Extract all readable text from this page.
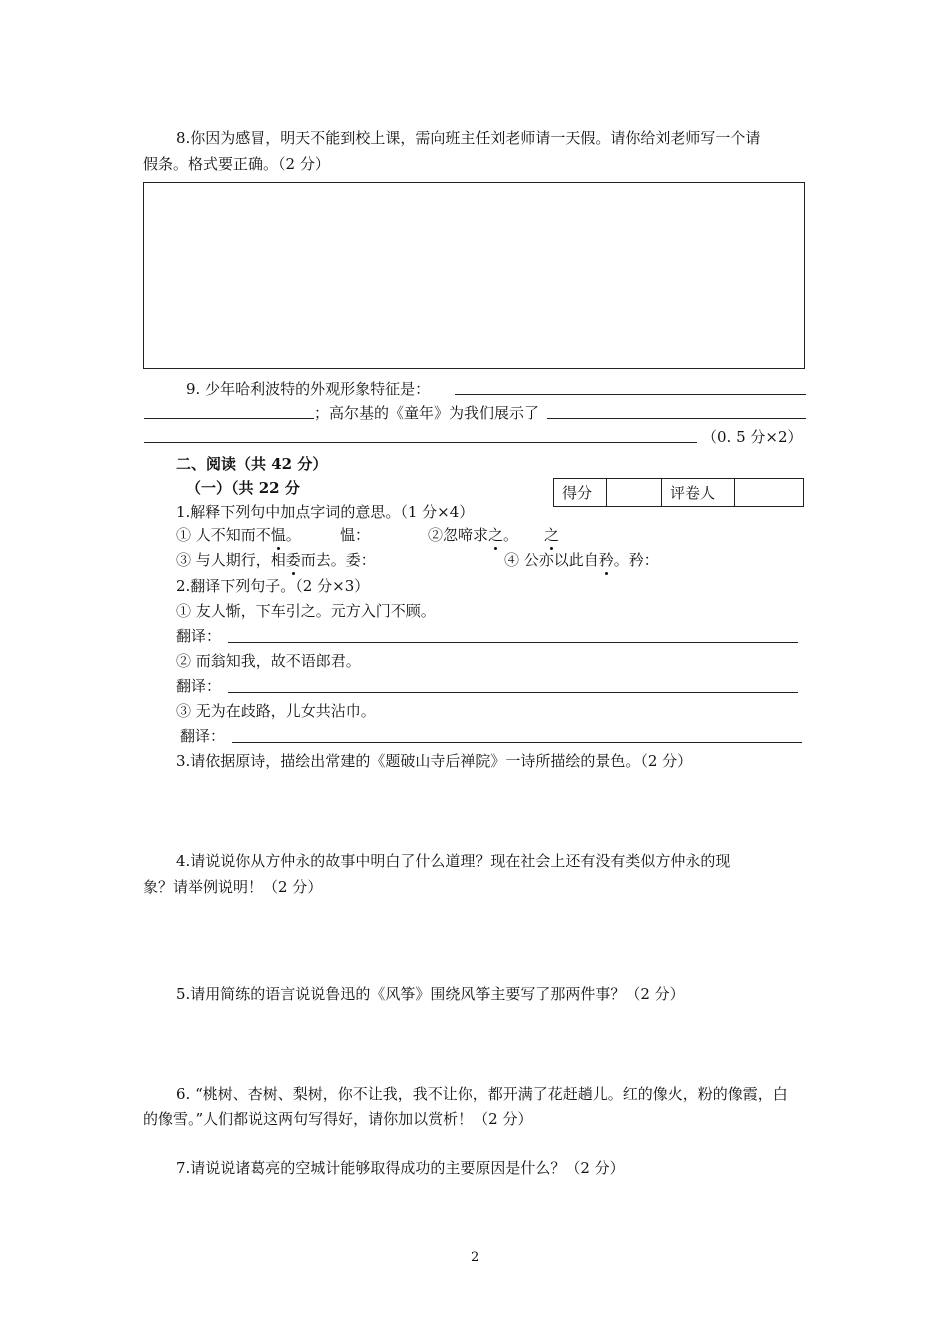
8.你因为感冒，明天不能到校上课，需向班主任刘老师请一天假。请你给刘老师写一个请
假条。格式要正确。（2 分）
9. 少年哈利波特的外观形象特征是：
；高尔基的《童年》为我们展示了
（0. 5 分×2）
二、阅读（共 42 分）
（一）（共 22 分	得分		评卷人	
1.解释下列句中加点字词的意思。（1 分×4）
① 人不知而不愠。	愠：	②忽啼求之。 之
③ 与人期行，相委而去。委：	④ 公亦以此自矜。矜：
2.翻译下列句子。（2 分×3）
① 友人惭，下车引之。元方入门不顾。
翻译：
② 而翁知我，故不语郎君。
翻译：
③ 无为在歧路，儿女共沾巾。
翻译：
3.请依据原诗，描绘出常建的《题破山寺后禅院》一诗所描绘的景色。（2 分）
4.请说说你从方仲永的故事中明白了什么道理？现在社会上还有没有类似方仲永的现
象？请举例说明！（2 分）
5.请用简练的语言说说鲁迅的《风筝》围绕风筝主要写了那两件事？（2 分）
6. “桃树、杏树、梨树，你不让我，我不让你，都开满了花赶趟儿。红的像火，粉的像霞，白
的像雪。”人们都说这两句写得好，请你加以赏析！（2 分）
7.请说说诸葛亮的空城计能够取得成功的主要原因是什么？（2 分）
2
